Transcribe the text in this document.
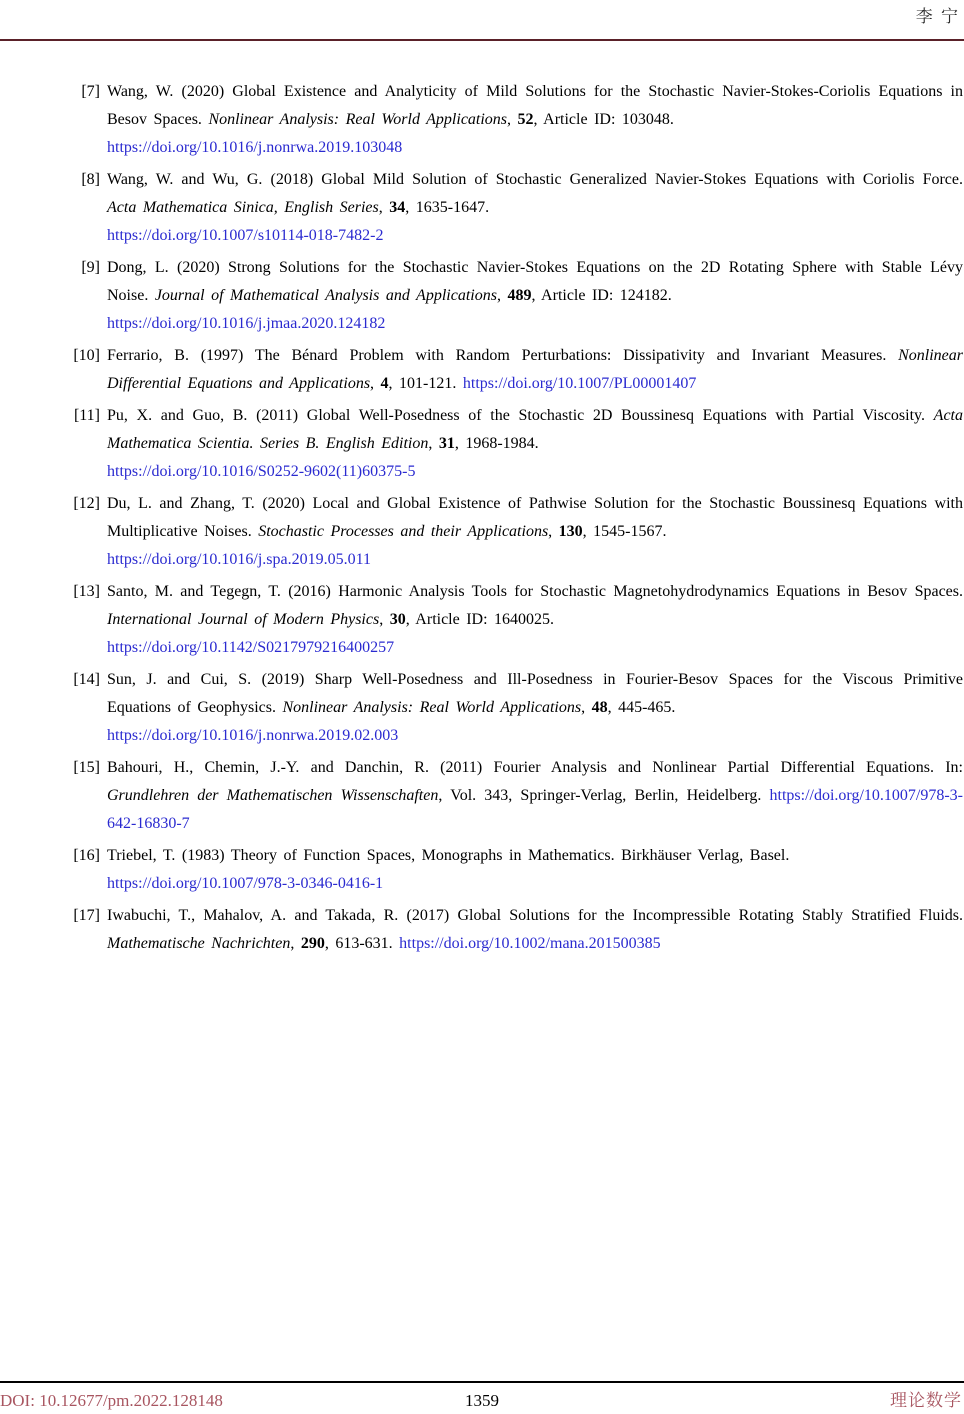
李 宁
[7] Wang, W. (2020) Global Existence and Analyticity of Mild Solutions for the Stochastic Navier-Stokes-Coriolis Equations in Besov Spaces. Nonlinear Analysis: Real World Applications, 52, Article ID: 103048.
https://doi.org/10.1016/j.nonrwa.2019.103048
[8] Wang, W. and Wu, G. (2018) Global Mild Solution of Stochastic Generalized Navier-Stokes Equations with Coriolis Force. Acta Mathematica Sinica, English Series, 34, 1635-1647.
https://doi.org/10.1007/s10114-018-7482-2
[9] Dong, L. (2020) Strong Solutions for the Stochastic Navier-Stokes Equations on the 2D Rotating Sphere with Stable Lévy Noise. Journal of Mathematical Analysis and Applications, 489, Article ID: 124182.
https://doi.org/10.1016/j.jmaa.2020.124182
[10] Ferrario, B. (1997) The Bénard Problem with Random Perturbations: Dissipativity and Invariant Measures. Nonlinear Differential Equations and Applications, 4, 101-121. https://doi.org/10.1007/PL00001407
[11] Pu, X. and Guo, B. (2011) Global Well-Posedness of the Stochastic 2D Boussinesq Equations with Partial Viscosity. Acta Mathematica Scientia. Series B. English Edition, 31, 1968-1984.
https://doi.org/10.1016/S0252-9602(11)60375-5
[12] Du, L. and Zhang, T. (2020) Local and Global Existence of Pathwise Solution for the Stochastic Boussinesq Equations with Multiplicative Noises. Stochastic Processes and their Applications, 130, 1545-1567.
https://doi.org/10.1016/j.spa.2019.05.011
[13] Santo, M. and Tegegn, T. (2016) Harmonic Analysis Tools for Stochastic Magnetohydrodynamics Equations in Besov Spaces. International Journal of Modern Physics, 30, Article ID: 1640025.
https://doi.org/10.1142/S0217979216400257
[14] Sun, J. and Cui, S. (2019) Sharp Well-Posedness and Ill-Posedness in Fourier-Besov Spaces for the Viscous Primitive Equations of Geophysics. Nonlinear Analysis: Real World Applications, 48, 445-465.
https://doi.org/10.1016/j.nonrwa.2019.02.003
[15] Bahouri, H., Chemin, J.-Y. and Danchin, R. (2011) Fourier Analysis and Nonlinear Partial Differential Equations. In: Grundlehren der Mathematischen Wissenschaften, Vol. 343, Springer-Verlag, Berlin, Heidelberg. https://doi.org/10.1007/978-3-642-16830-7
[16] Triebel, T. (1983) Theory of Function Spaces, Monographs in Mathematics. Birkhäuser Verlag, Basel.
https://doi.org/10.1007/978-3-0346-0416-1
[17] Iwabuchi, T., Mahalov, A. and Takada, R. (2017) Global Solutions for the Incompressible Rotating Stably Stratified Fluids. Mathematische Nachrichten, 290, 613-631. https://doi.org/10.1002/mana.201500385
DOI: 10.12677/pm.2022.128148	1359	理论数学
